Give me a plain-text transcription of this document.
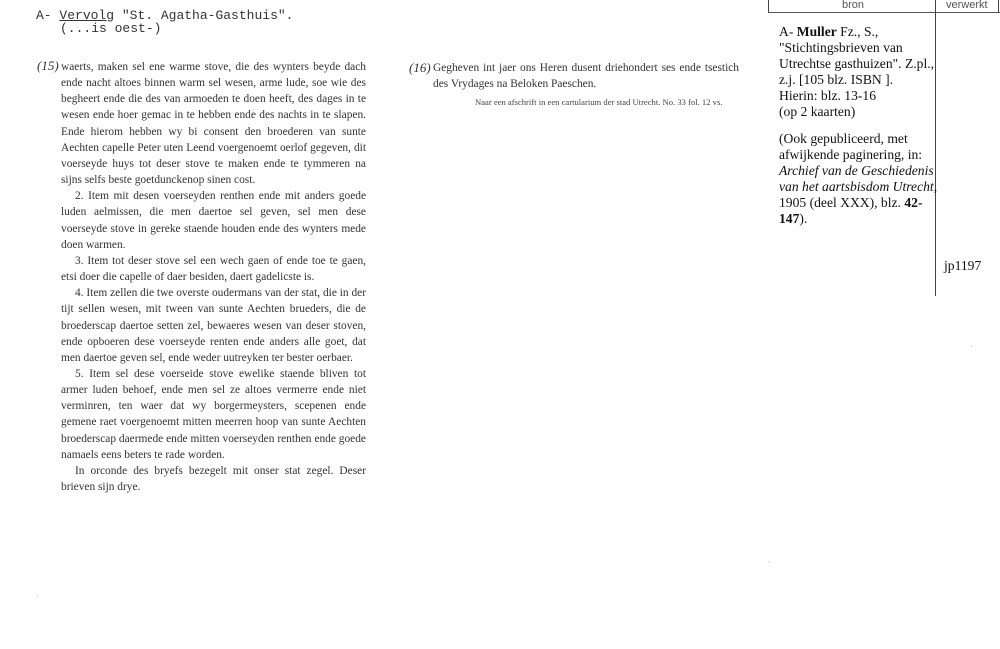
A- Vervolg "St. Agatha-Gasthuis".
(...is oest-)
(15)	(16)

waerts, maken sel ene warme stove, die des wynters beyde dach ende nacht altoes binnen warm sel wesen, arme lude, soe wie des begheert ende die des van armoeden te doen heeft, des dages in te wesen ende hoer gemac in te hebben ende des nachts in te slapen. Ende hierom hebben wy bi consent den broederen van sunte Aechten capelle Peter uten Leend voergenoemt oerlof gegeven, dit voerseyde huys tot deser stove te maken ende te tymmeren na sijns selfs beste goetdunckenop sinen cost.

2. Item mit desen voerseyden renthen ende mit anders goede luden aelmissen, die men daertoe sel geven, sel men dese voerseyde stove in gereke staende houden ende des wynters mede doen warmen.

3. Item tot deser stove sel een wech gaen of ende toe te gaen, etsi doer die capelle of daer besiden, daert gadelicste is.

4. Item zellen die twe overste oudermans van der stat, die in der tijt sellen wesen, mit tween van sunte Aechten brueders, die de broederscap daertoe setten zel, bewaeres wesen van deser stoven, ende opboeren dese voerseyde renten ende anders alle goet, dat men daertoe geven sel, ende weder uutreyken ter bester oerbaer.

5. Item sel dese voerseide stove ewelike staende bliven tot armer luden behoef, ende men sel ze altoes vermerre ende niet verminren, ten waer dat wy borgermeysters, scepenen ende gemene raet voergenoemt mitten meerren hoop van sunte Aechten broederscap daermede ende mitten voerseyden renthen ende goede namaels eens beters te rade worden.

In orconde des bryefs bezegelt mit onser stat zegel. Deser brieven sijn drye.

Gegheven int jaer ons Heren dusent driehondert ses ende tsestich des Vrydages na Beloken Paeschen.

Naar een afschrift in een cartularium der stad Utrecht. No. 33 fol. 12 vs.

bron	verwerkt

A- Muller Fz., S., "Stichtingsbrieven van Utrechtse gasthuizen". Z.pl., z.j. [105 blz. ISBN ].

Hierin: blz. 13-16

(op 2 kaarten)

(Ook gepubliceerd, met afwijkende paginering, in: Archief van de Geschiedenis van het aartsbisdom Utrecht, 1905 (deel XXX), blz. 42-147).

jp1197
·
·
·
